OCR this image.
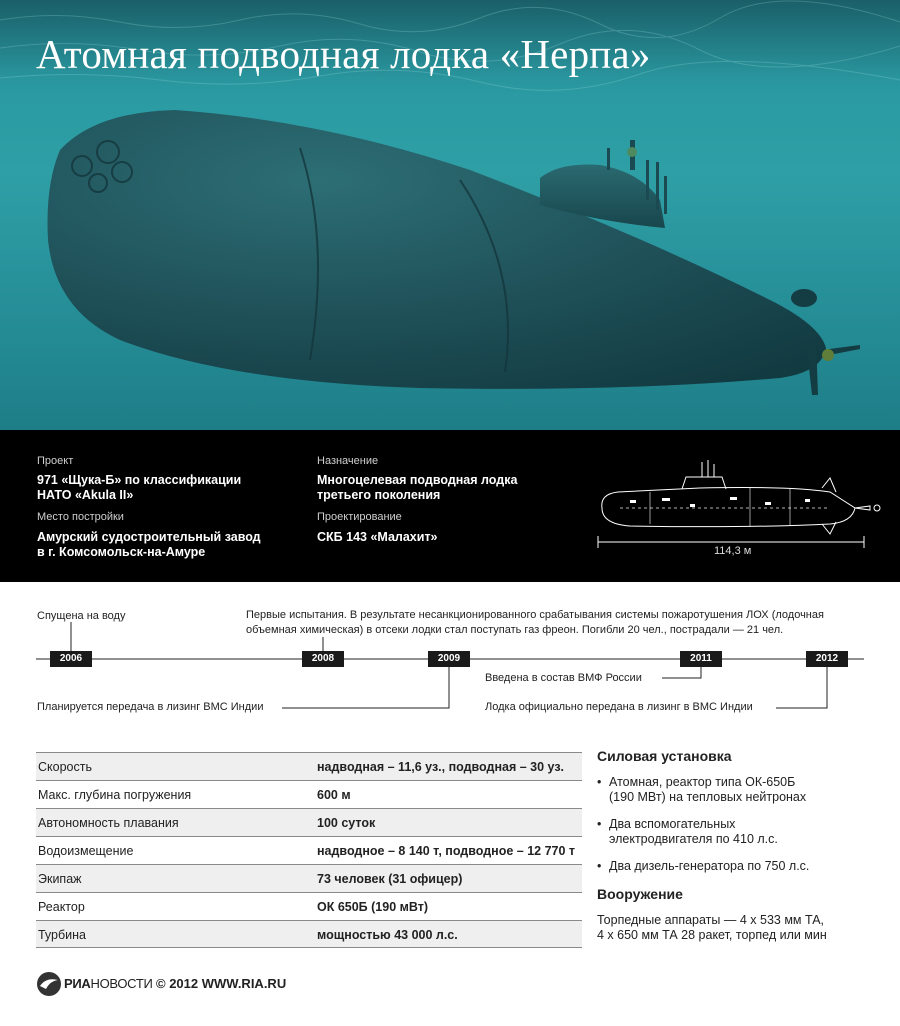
Атомная подводная лодка «Нерпа»
Проект
971 «Щука-Б» по классификации
НАТО «Akula II»
Место постройки
Амурский судостроительный завод
в г. Комсомольск-на-Амуре
Назначение
Многоцелевая подводная лодка
третьего поколения
Проектирование
СКБ 143 «Малахит»
114,3 м
Спущена на воду	Первые испытания. В результате несанкционированного срабатывания системы пожаротушения ЛОХ (лодочная
объемная химическая) в отсеки лодки стал поступать газ фреон. Погибли 20 чел., пострадали — 21 чел.
Планируется передача в лизинг ВМС Индии
Введена в состав ВМФ России
Лодка официально передана в лизинг в ВМС Индии
2006	2008	2009	2011	2012
Скорость	надводная – 11,6 уз., подводная – 30 уз.
Макс. глубина погружения	600 м
Автономность плавания	100 суток
Водоизмещение	надводное – 8 140 т, подводное – 12 770 т
Экипаж	73 человек (31 офицер)
Реактор	ОК 650Б (190 мВт)
Турбина	мощностью 43 000 л.с.
Силовая установка
• Атомная, реактор типа ОК-650Б
(190 МВт) на тепловых нейтронах
• Два вспомогательных
электродвигателя по 410 л.с.
• Два дизель-генератора по 750 л.с.
Вооружение

Торпедные аппараты — 4 х 533 мм ТА,

4 х 650 мм ТА 28 ракет, торпед или мин

РИАНОВОСТИ © 2012 WWW.RIA.RU
